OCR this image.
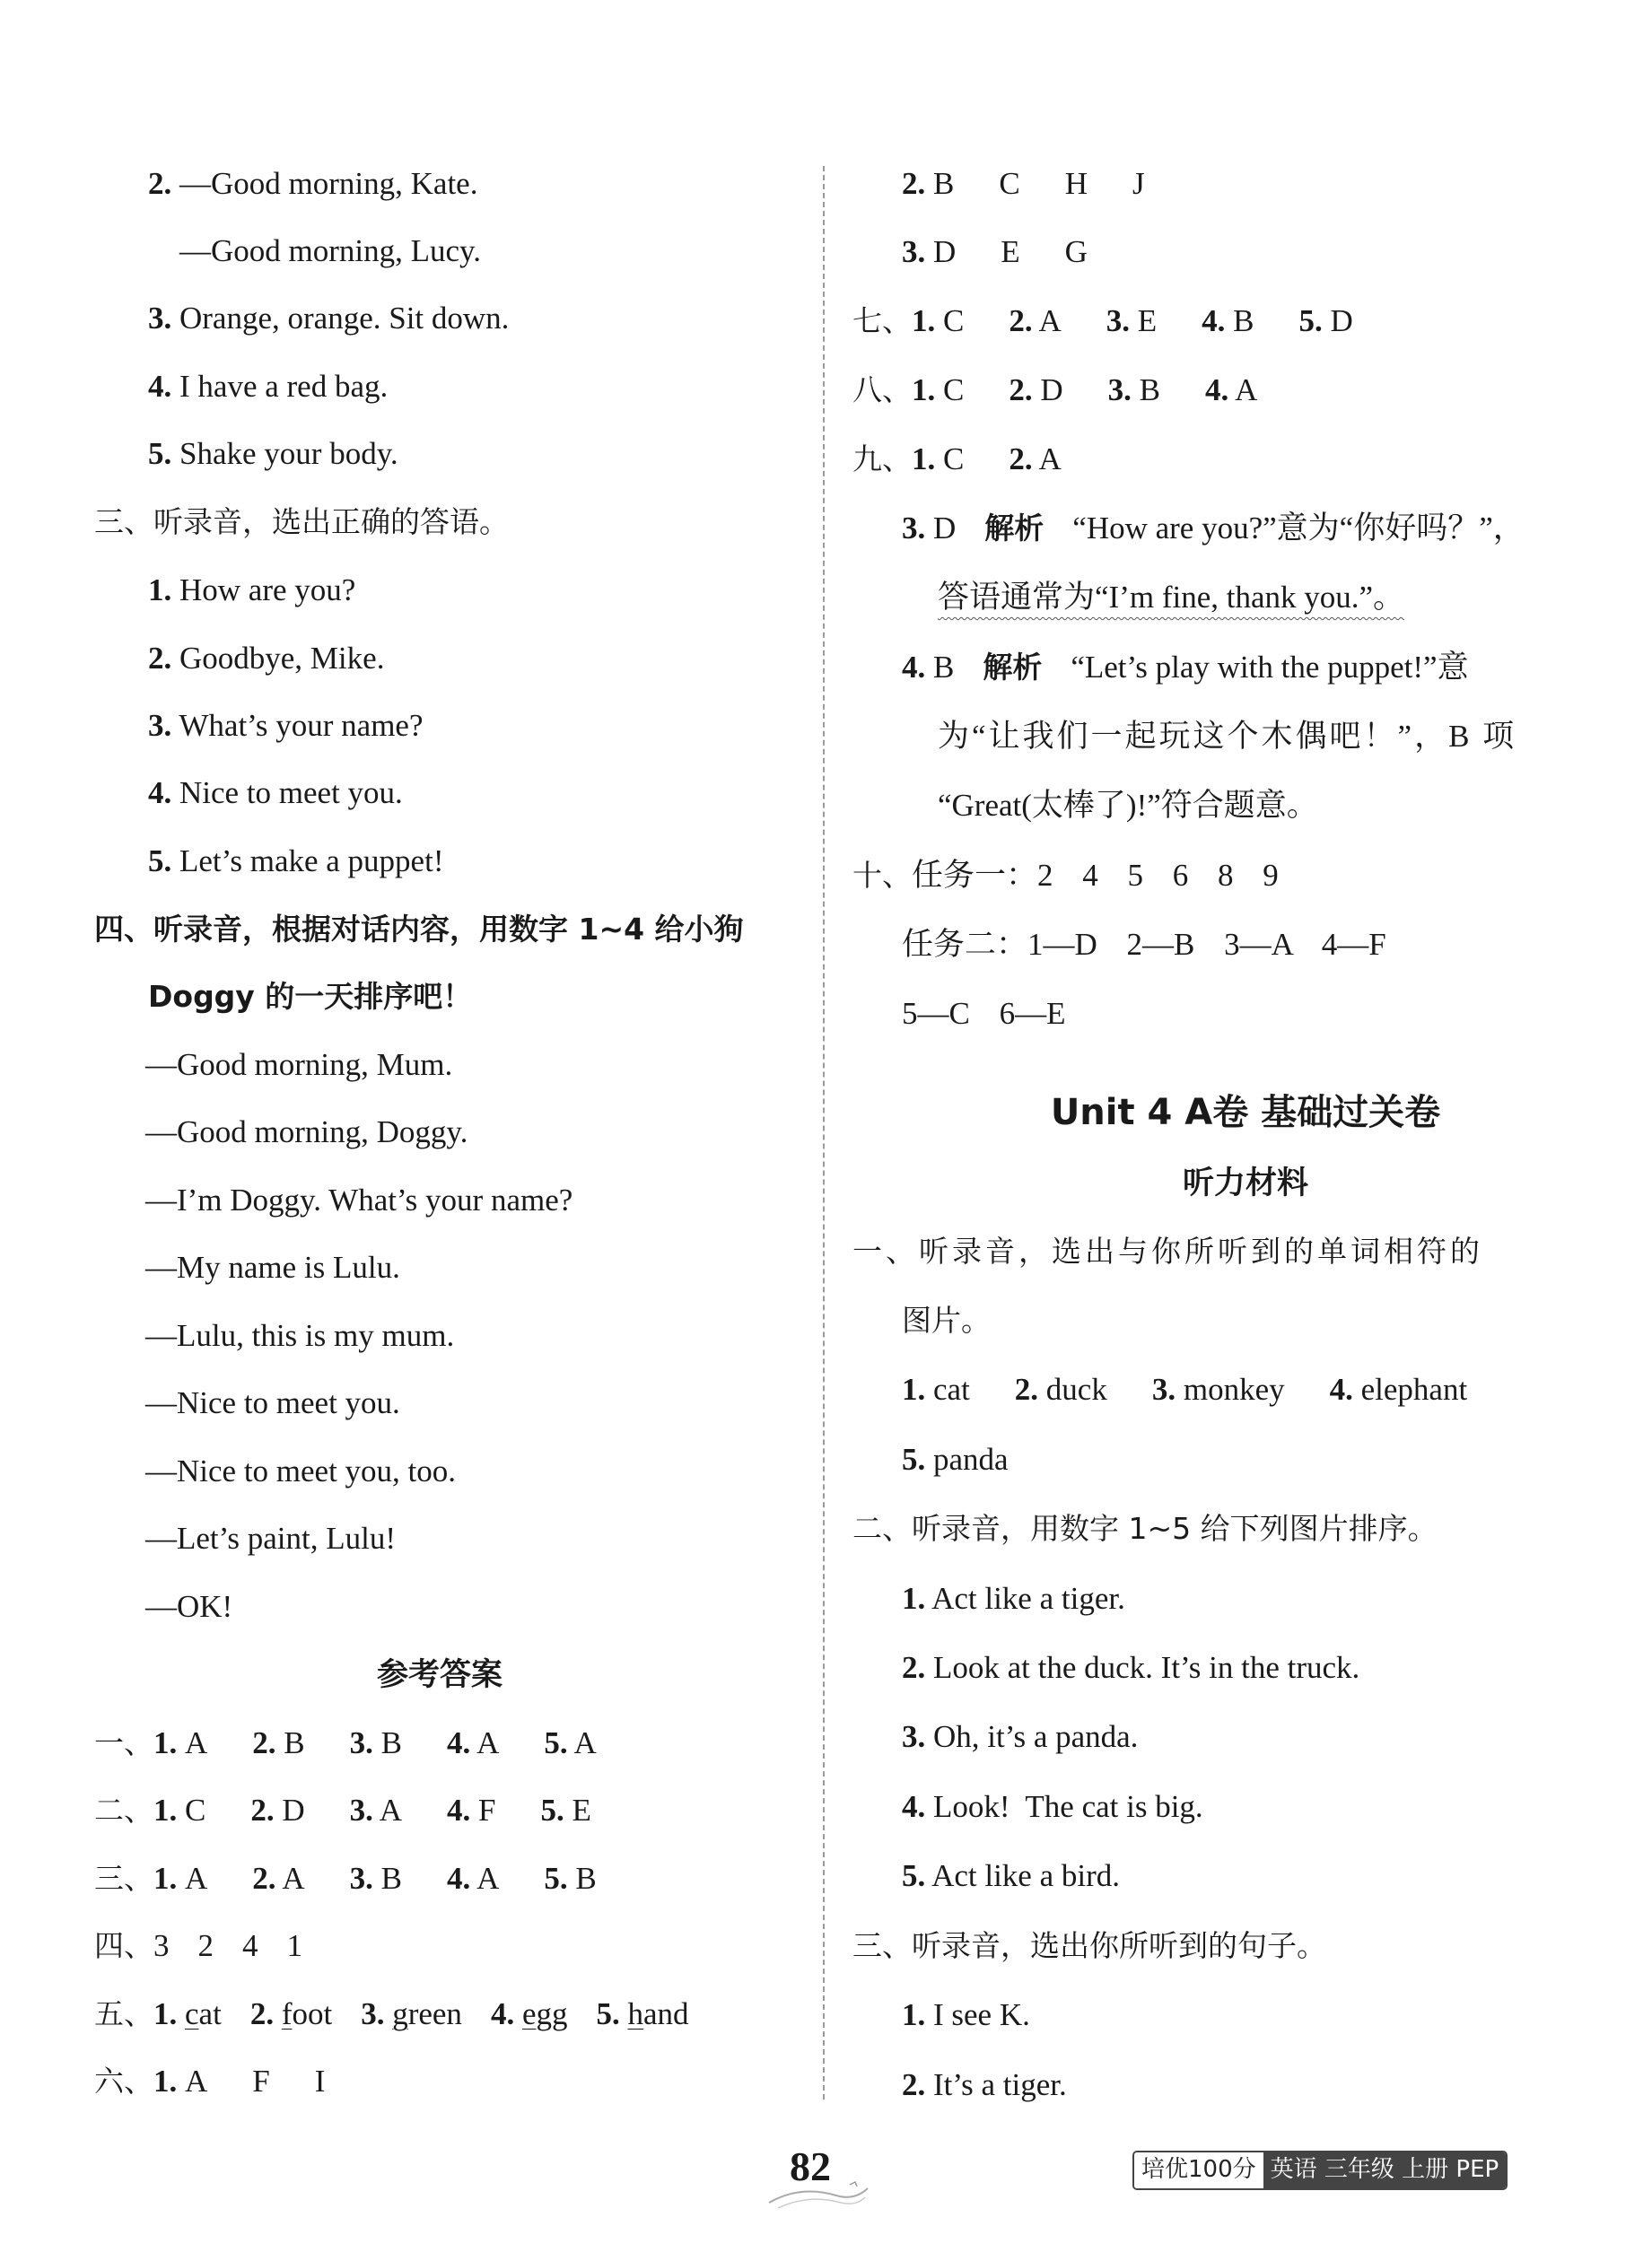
2. —Good morning, Kate.
—Good morning, Lucy.
3. Orange, orange. Sit down.
4. I have a red bag.
5. Shake your body.
三、听录音，选出正确的答语。
1. How are you?
2. Goodbye, Mike.
3. What’s your name?
4. Nice to meet you.
5. Let’s make a puppet!
四、听录音，根据对话内容，用数字 1~4 给小狗
Doggy 的一天排序吧！
—Good morning, Mum.
—Good morning, Doggy.
—I’m Doggy. What’s your name?
—My name is Lulu.
—Lulu, this is my mum.
—Nice to meet you.
—Nice to meet you, too.
—Let’s paint, Lulu!
—OK!
参考答案
一、1. A 2. B 3. B 4. A 5. A
二、1. C 2. D 3. A 4. F 5. E
三、1. A 2. A 3. B 4. A 5. B
四、3 2 4 1
五、1. cat 2. foot 3. green 4. egg 5. hand
六、1. A F I
2. B C H J
3. D E G
七、1. C 2. A 3. E 4. B 5. D
八、1. C 2. D 3. B 4. A
九、1. C 2. A
3. D 解析 “How are you?”意为“你好吗？”，
答语通常为“I’m fine, thank you.”。
4. B 解析 “Let’s play with the puppet!”意
为“让我们一起玩这个木偶吧！”，B 项
“Great(太棒了)!”符合题意。
十、任务一：2 4 5 6 8 9
任务二：1—D 2—B 3—A 4—F
5—C 6—E
Unit 4 A卷 基础过关卷
听力材料
一、听录音，选出与你所听到的单词相符的
图片。
1. cat 2. duck 3. monkey 4. elephant
5. panda
二、听录音，用数字 1~5 给下列图片排序。
1. Act like a tiger.
2. Look at the duck. It’s in the truck.
3. Oh, it’s a panda.
4. Look!  The cat is big.
5. Act like a bird.
三、听录音，选出你所听到的句子。
1. I see K.
2. It’s a tiger.
82	培优100分 英语 三年级 上册 PEP
